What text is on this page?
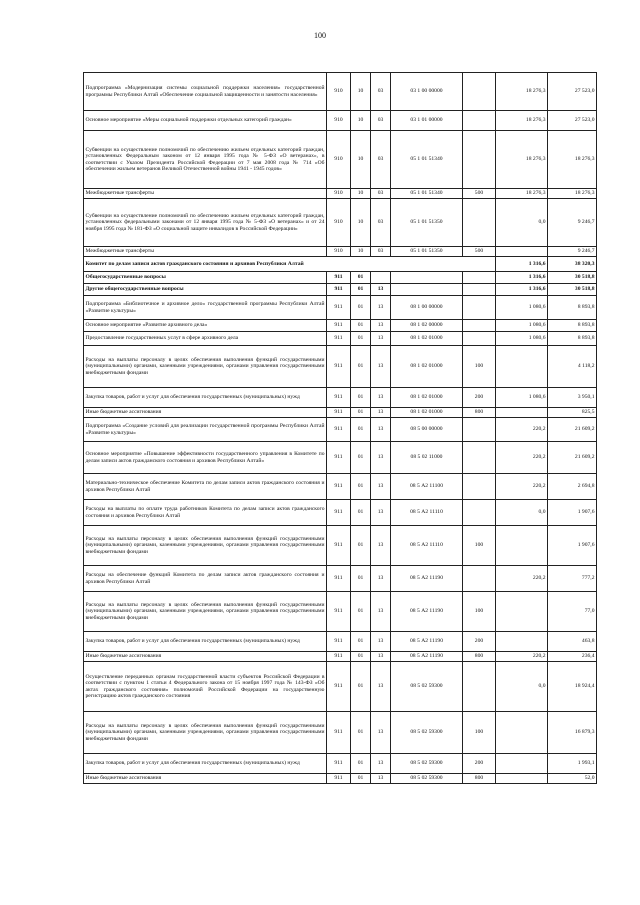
100
Подпрограмма «Модернизация системы социальной поддержки населения» государственной программы Республики Алтай «Обеспечение социальной защищенности и занятости населения»	910	10	03	03 1 00 00000		18 276,3	27 523,0
Основное мероприятие «Меры социальной поддержки отдельных категорий граждан»	910	10	03	03 1 01 00000		18 276,3	27 523,0
Субвенции на осуществление полномочий по обеспечению жильем отдельных категорий граждан, установленных Федеральным законом от 12 января 1995 года № 5-ФЗ «О ветеранах», в соответствии с Указом Президента Российской Федерации от 7 мая 2008 года № 714 «Об обеспечении жильем ветеранов Великой Отечественной войны 1941 - 1945 годов»	910	10	03	05 1 01 51340		18 276,3	18 276,3
Межбюджетные трансферты	910	10	03	05 1 01 51340	500	18 276,3	18 276,3
Субвенции на осуществление полномочий по обеспечению жильем отдельных категорий граждан, установленных федеральными законами от 12 января 1995 года № 5-ФЗ «О ветеранах» и от 24 ноября 1995 года № 181-ФЗ «О социальной защите инвалидов в Российской Федерации»	910	10	03	05 1 01 51350		0,0	9 246,7
Межбюджетные трансферты	910	10	03	05 1 01 51350	500		9 246,7
Комитет по делам записи актов гражданского состояния и архивов Республики Алтай						1 316,6	38 320,3
Общегосударственные вопросы	911	01				1 316,6	30 518,8
Другие общегосударственные вопросы	911	01	13			1 316,6	30 518,8
Подпрограмма «Библиотечное и архивное дело» государственной программы Республики Алтай «Развитие культуры»	911	01	13	08 1 00 00000		1 080,6	8 893,8
Основное мероприятие «Развитие архивного дела»	911	01	13	08 1 02 00000		1 080,6	8 893,8
Предоставление государственных услуг в сфере архивного дела	911	01	13	08 1 02 01000		1 080,6	8 893,8
Расходы на выплаты персоналу в целях обеспечения выполнения функций государственными (муниципальными) органами, казенными учреждениями, органами управления государственными внебюджетными фондами	911	01	13	08 1 02 01000	100		4 118,2
Закупка товаров, работ и услуг для обеспечения государственных (муниципальных) нужд	911	01	13	08 1 02 01000	200	1 080,6	3 950,1
Иные бюджетные ассигнования	911	01	13	08 1 02 01000	800		825,5
Подпрограмма «Создание условий для реализации государственной программы Республики Алтай «Развитие культуры»	911	01	13	08 5 00 00000		220,2	21 609,2
Основное мероприятие «Повышение эффективности государственного управления в Комитете по делам записи актов гражданского состояния и архивов Республики Алтай»	911	01	13	08 5 02 11000		220,2	21 609,2
Материально-техническое обеспечение Комитета по делам записи актов гражданского состояния и архивов Республики Алтай	911	01	13	08 5 А2 11100		220,2	2 694,8
Расходы на выплаты по оплате труда работников Комитета по делам записи актов гражданского состояния и архивов Республики Алтай	911	01	13	08 5 А2 11110		0,0	1 907,6
Расходы на выплаты персоналу в целях обеспечения выполнения функций государственными (муниципальными) органами, казенными учреждениями, органами управления государственными внебюджетными фондами	911	01	13	08 5 А2 11110	100		1 907,6
Расходы на обеспечение функций Комитета по делам записи актов гражданского состояния и архивов Республики Алтай	911	01	13	08 5 А2 11190		220,2	777,2
Расходы на выплаты персоналу в целях обеспечения выполнения функций государственными (муниципальными) органами, казенными учреждениями, органами управления государственными внебюджетными фондами	911	01	13	08 5 А2 11190	100		77,0
Закупка товаров, работ и услуг для обеспечения государственных (муниципальных) нужд	911	01	13	08 5 А2 11190	200		463,8
Иные бюджетные ассигнования	911	01	13	08 5 А2 11190	800	220,2	236,4
Осуществление переданных органам государственной власти субъектов Российской Федерации в соответствии с пунктом 1 статьи 4 Федерального закона от 15 ноября 1997 года № 143-ФЗ «Об актах гражданского состояния» полномочий Российской Федерации на государственную регистрацию актов гражданского состояния	911	01	13	08 5 02 59300		0,0	18 924,4
Расходы на выплаты персоналу в целях обеспечения выполнения функций государственными (муниципальными) органами, казенными учреждениями, органами управления государственными внебюджетными фондами	911	01	13	08 5 02 59300	100		16 879,3
Закупка товаров, работ и услуг для обеспечения государственных (муниципальных) нужд	911	01	13	08 5 02 59300	200		1 993,1
Иные бюджетные ассигнования	911	01	13	08 5 02 59300	800		52,0
